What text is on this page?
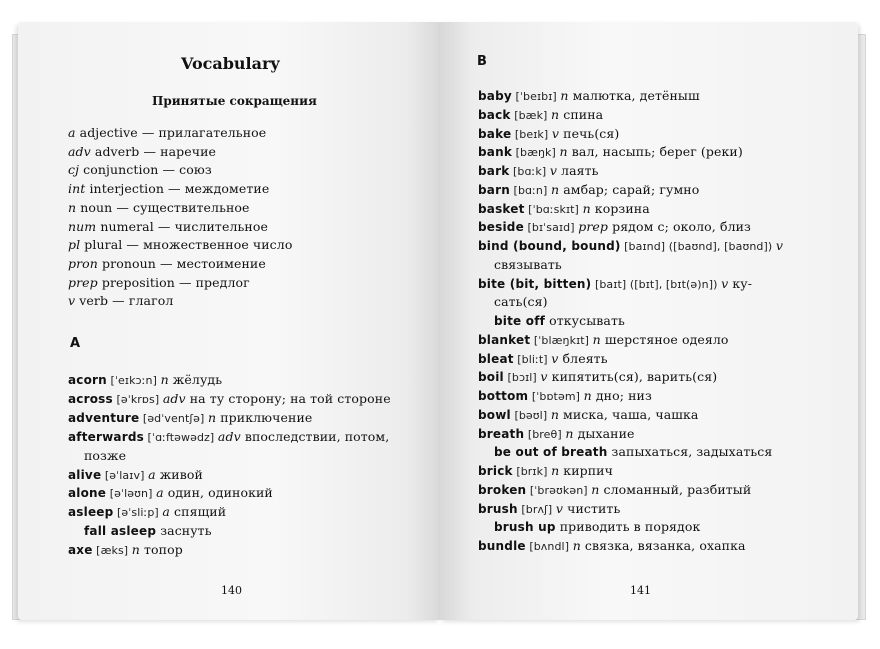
Vocabulary
Принятые сокращения
a adjective — прилагательное
adv adverb — наречие
cj conjunction — союз
int interjection — междометие
n noun — существительное
num numeral — числительное
pl plural — множественное число
pron pronoun — местоимение
prep preposition — предлог
v verb — глагол
A
acorn [ˈeɪkɔːn] n жёлудь
across [əˈkrɒs] adv на ту сторону; на той стороне
adventure [ədˈventʃə] n приключение
afterwards [ˈɑːftəwədz] adv впоследствии, потом,
позже
alive [əˈlaɪv] a живой
alone [əˈləʊn] a один, одинокий
asleep [əˈsliːp] a спящий
fall asleep заснуть
axe [æks] n топор
140
B
baby [ˈbeɪbɪ] n малютка, детёныш
back [bæk] n спина
bake [beɪk] v печь(ся)
bank [bæŋk] n вал, насыпь; берег (реки)
bark [bɑːk] v лаять
barn [bɑːn] n амбар; сарай; гумно
basket [ˈbɑːskɪt] n корзина
beside [bɪˈsaɪd] prep рядом с; около, близ
bind (bound, bound) [baɪnd] ([baʊnd], [baʊnd]) v
связывать
bite (bit, bitten) [baɪt] ([bɪt], [bɪt(ə)n]) v ку-
сать(ся)
bite off откусывать
blanket [ˈblæŋkɪt] n шерстяное одеяло
bleat [bliːt] v блеять
boil [bɔɪl] v кипятить(ся), варить(ся)
bottom [ˈbɒtəm] n дно; низ
bowl [bəʊl] n миска, чаша, чашка
breath [breθ] n дыхание
be out of breath запыхаться, задыхаться
brick [brɪk] n кирпич
broken [ˈbrəʊkən] n сломанный, разбитый
brush [brʌʃ] v чистить
brush up приводить в порядок
bundle [bʌndl] n связка, вязанка, охапка
141
